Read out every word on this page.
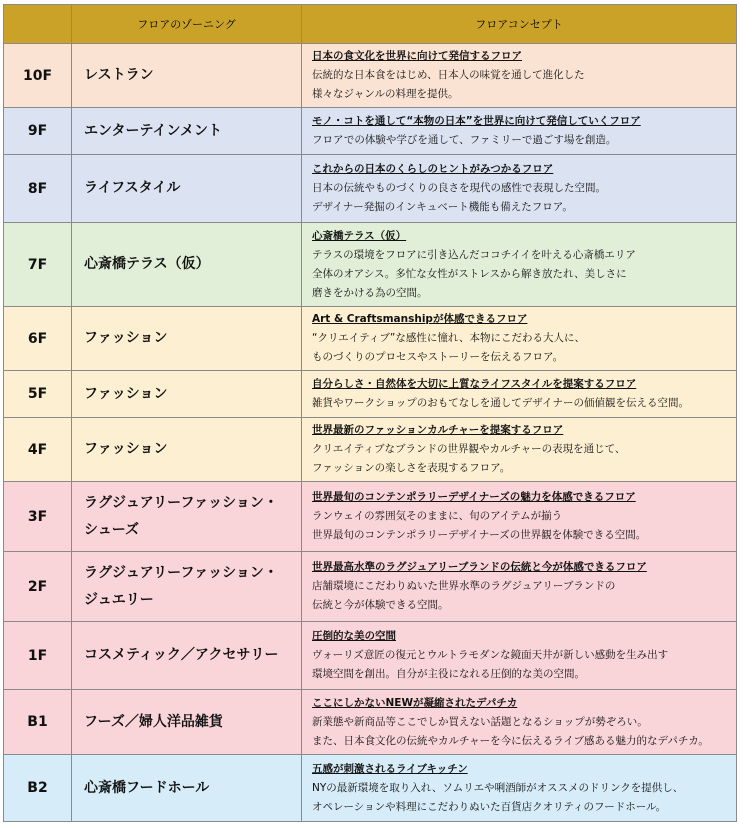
	フロアのゾーニング	フロアコンセプト
10F	レストラン	日本の食文化を世界に向けて発信するフロア
伝統的な日本食をはじめ、日本人の味覚を通して進化した
様々なジャンルの料理を提供。

9F	エンターテインメント	モノ・コトを通して“本物の日本”を世界に向けて発信していくフロア
フロアでの体験や学びを通して、ファミリーで過ごす場を創造。

8F	ライフスタイル	これからの日本のくらしのヒントがみつかるフロア
日本の伝統やものづくりの良さを現代の感性で表現した空間。
デザイナー発掘のインキュベート機能も備えたフロア。

7F	心斎橋テラス（仮）	心斎橋テラス（仮）
テラスの環境をフロアに引き込んだココチイイを叶える心斎橋エリア
全体のオアシス。多忙な女性がストレスから解き放たれ、美しさに
磨きをかける為の空間。

6F	ファッション	Art & Craftsmanshipが体感できるフロア
“クリエイティブ”な感性に憧れ、本物にこだわる大人に、
ものづくりのプロセスやストーリーを伝えるフロア。

5F	ファッション	自分らしさ・自然体を大切に上質なライフスタイルを提案するフロア
雑貨やワークショップのおもてなしを通してデザイナーの価値観を伝える空間。

4F	ファッション	世界最新のファッションカルチャーを提案するフロア
クリエイティブなブランドの世界観やカルチャーの表現を通じて、
ファッションの楽しさを表現するフロア。

3F	ラグジュアリーファッション・
シューズ	世界最旬のコンテンポラリーデザイナーズの魅力を体感できるフロア
ランウェイの雰囲気そのままに、旬のアイテムが揃う
世界最旬のコンテンポラリーデザイナーズの世界観を体験できる空間。

2F	ラグジュアリーファッション・
ジュエリー	世界最高水準のラグジュアリーブランドの伝統と今が体感できるフロア
店舗環境にこだわりぬいた世界水準のラグジュアリーブランドの
伝統と今が体験できる空間。

1F	コスメティック／アクセサリー	圧倒的な美の空間
ヴォーリズ意匠の復元とウルトラモダンな鏡面天井が新しい感動を生み出す
環境空間を創出。自分が主役になれる圧倒的な美の空間。

B1	フーズ／婦人洋品雑貨	ここにしかないNEWが凝縮されたデパチカ
新業態や新商品等ここでしか買えない話題となるショップが勢ぞろい。
また、日本食文化の伝統やカルチャーを今に伝えるライブ感ある魅力的なデパチカ。

B2	心斎橋フードホール	五感が刺激されるライブキッチン
NYの最新環境を取り入れ、ソムリエや唎酒師がオススメのドリンクを提供し、
オペレーションや料理にこだわりぬいた百貨店クオリティのフードホール。
